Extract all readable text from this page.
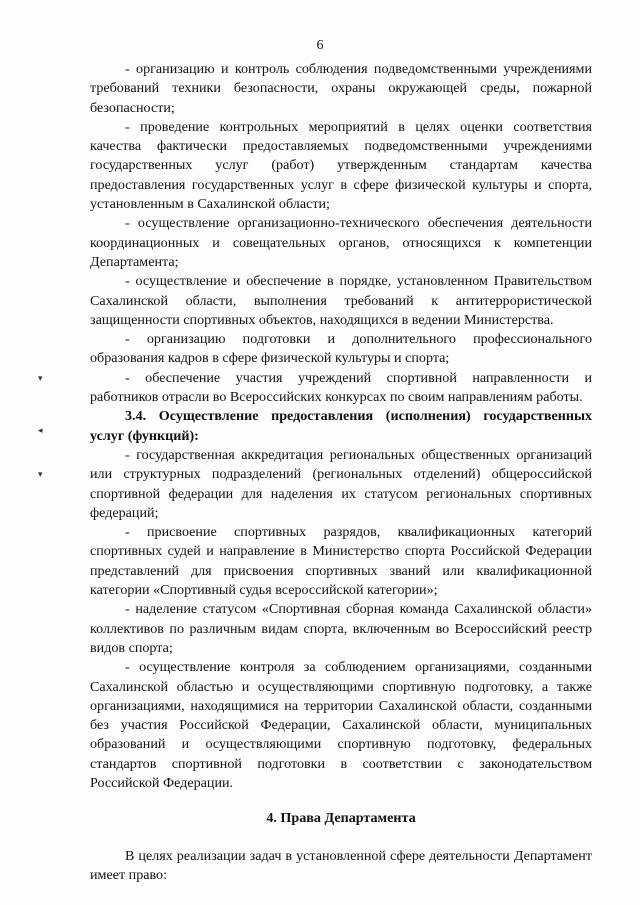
6
▾
◂
▾

- организацию и контроль соблюдения подведомственными учреждениями требований техники безопасности, охраны окружающей среды, пожарной безопасности;

- проведение контрольных мероприятий в целях оценки соответствия качества фактически предоставляемых подведомственными учреждениями государственных услуг (работ) утвержденным стандартам качества предоставления государственных услуг в сфере физической культуры и спорта, установленным в Сахалинской области;

- осуществление организационно-технического обеспечения деятельности координационных и совещательных органов, относящихся к компетенции Департамента;

- осуществление и обеспечение в порядке, установленном Правительством Сахалинской области, выполнения требований к антитеррористической защищенности спортивных объектов, находящихся в ведении Министерства.

- организацию подготовки и дополнительного профессионального образования кадров в сфере физической культуры и спорта;

- обеспечение участия учреждений спортивной направленности и работников отрасли во Всероссийских конкурсах по своим направлениям работы.

3.4. Осуществление предоставления (исполнения) государственных услуг (функций):

- государственная аккредитация региональных общественных организаций или структурных подразделений (региональных отделений) общероссийской спортивной федерации для наделения их статусом региональных спортивных федераций;

- присвоение спортивных разрядов, квалификационных категорий спортивных судей и направление в Министерство спорта Российской Федерации представлений для присвоения спортивных званий или квалификационной категории «Спортивный судья всероссийской категории»;

- наделение статусом «Спортивная сборная команда Сахалинской области» коллективов по различным видам спорта, включенным во Всероссийский реестр видов спорта;

- осуществление контроля за соблюдением организациями, созданными Сахалинской областью и осуществляющими спортивную подготовку, а также организациями, находящимися на территории Сахалинской области, созданными без участия Российской Федерации, Сахалинской области, муниципальных образований и осуществляющими спортивную подготовку, федеральных стандартов спортивной подготовки в соответствии с законодательством Российской Федерации.

4. Права Департамента

В целях реализации задач в установленной сфере деятельности Департамент имеет право:
